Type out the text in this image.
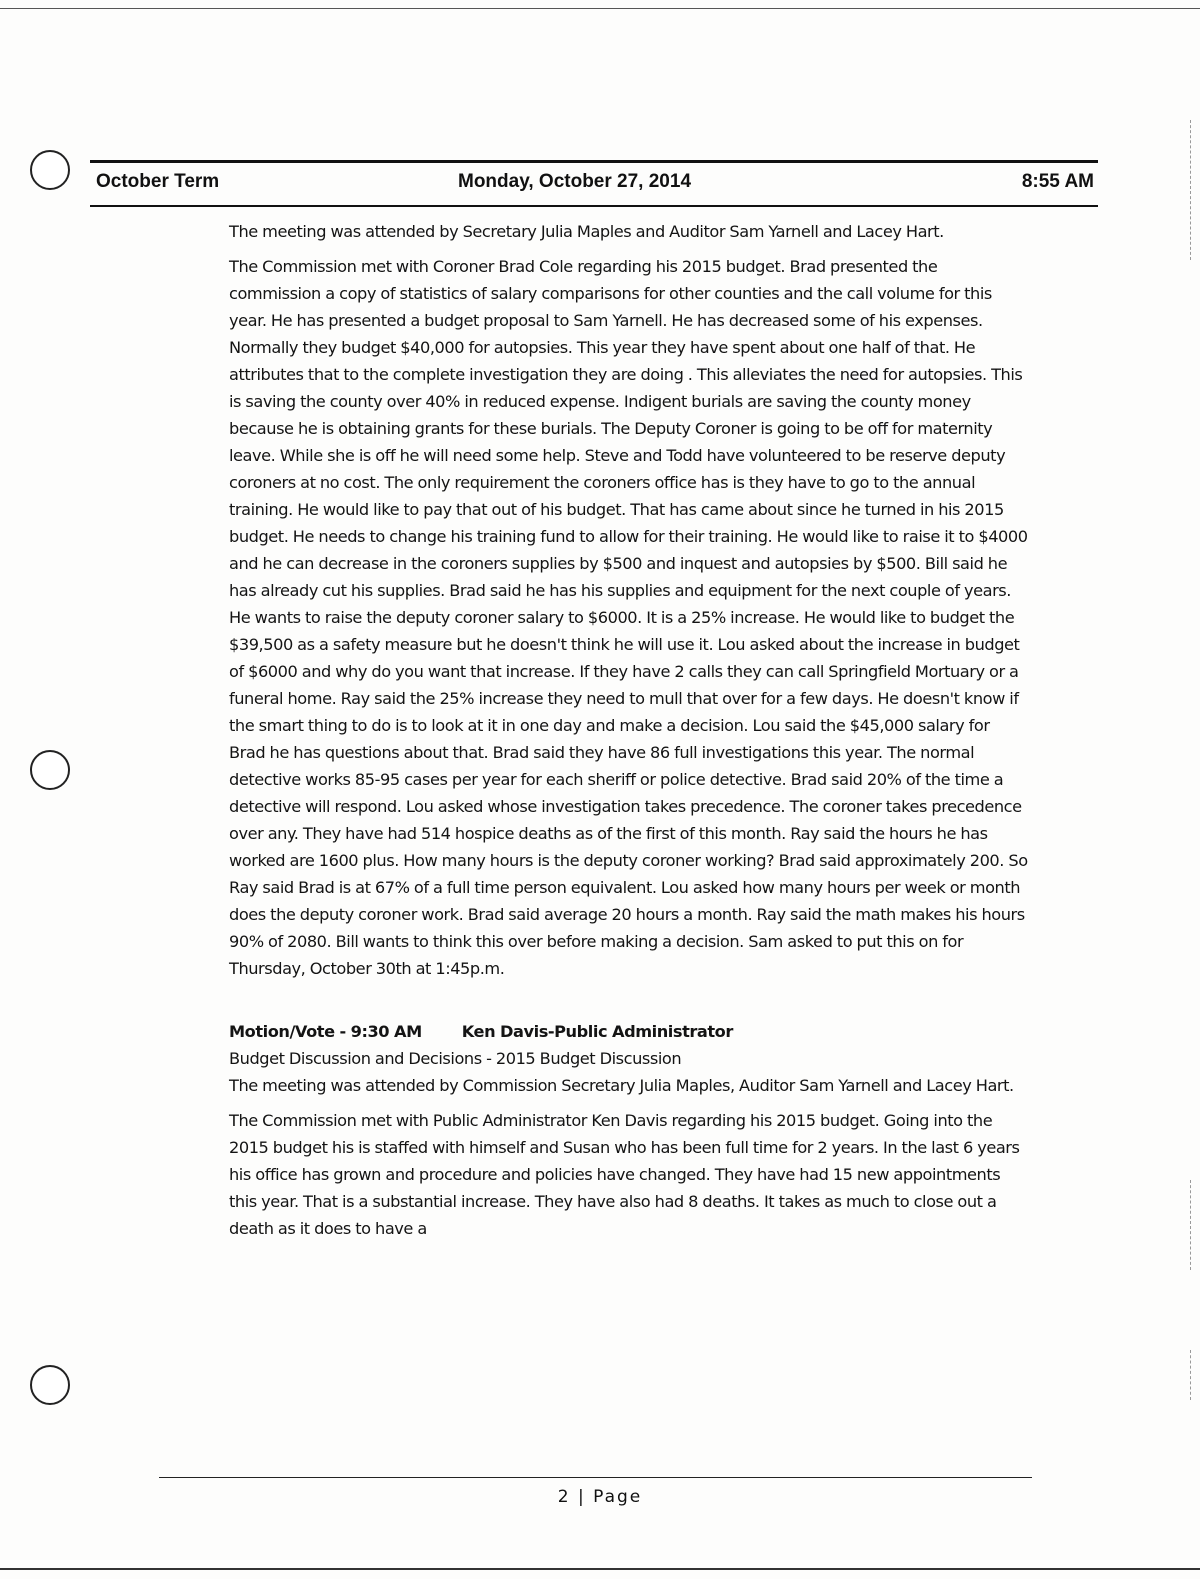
October Term	Monday, October 27, 2014	8:55 AM

The meeting was attended by Secretary Julia Maples and Auditor Sam Yarnell and Lacey Hart.

The Commission met with Coroner Brad Cole regarding his 2015 budget. Brad presented the commission a copy of statistics of salary comparisons for other counties and the call volume for this year. He has presented a budget proposal to Sam Yarnell. He has decreased some of his expenses. Normally they budget $40,000 for autopsies. This year they have spent about one half of that. He attributes that to the complete investigation they are doing . This alleviates the need for autopsies. This is saving the county over 40% in reduced expense. Indigent burials are saving the county money because he is obtaining grants for these burials. The Deputy Coroner is going to be off for maternity leave. While she is off he will need some help. Steve and Todd have volunteered to be reserve deputy coroners at no cost. The only requirement the coroners office has is they have to go to the annual training. He would like to pay that out of his budget. That has came about since he turned in his 2015 budget. He needs to change his training fund to allow for their training. He would like to raise it to $4000 and he can decrease in the coroners supplies by $500 and inquest and autopsies by $500. Bill said he has already cut his supplies. Brad said he has his supplies and equipment for the next couple of years. He wants to raise the deputy coroner salary to $6000. It is a 25% increase. He would like to budget the $39,500 as a safety measure but he doesn't think he will use it. Lou asked about the increase in budget of $6000 and why do you want that increase. If they have 2 calls they can call Springfield Mortuary or a funeral home. Ray said the 25% increase they need to mull that over for a few days. He doesn't know if the smart thing to do is to look at it in one day and make a decision. Lou said the $45,000 salary for Brad he has questions about that. Brad said they have 86 full investigations this year. The normal detective works 85-95 cases per year for each sheriff or police detective. Brad said 20% of the time a detective will respond. Lou asked whose investigation takes precedence. The coroner takes precedence over any. They have had 514 hospice deaths as of the first of this month. Ray said the hours he has worked are 1600 plus. How many hours is the deputy coroner working? Brad said approximately 200. So Ray said Brad is at 67% of a full time person equivalent. Lou asked how many hours per week or month does the deputy coroner work. Brad said average 20 hours a month. Ray said the math makes his hours 90% of 2080. Bill wants to think this over before making a decision. Sam asked to put this on for Thursday, October 30th at 1:45p.m.

Motion/Vote - 9:30 AM Ken Davis-Public Administrator

Budget Discussion and Decisions - 2015 Budget Discussion

The meeting was attended by Commission Secretary Julia Maples, Auditor Sam Yarnell and Lacey Hart.

The Commission met with Public Administrator Ken Davis regarding his 2015 budget. Going into the 2015 budget his is staffed with himself and Susan who has been full time for 2 years. In the last 6 years his office has grown and procedure and policies have changed. They have had 15 new appointments this year. That is a substantial increase. They have also had 8 deaths. It takes as much to close out a death as it does to have a

2 | Page
